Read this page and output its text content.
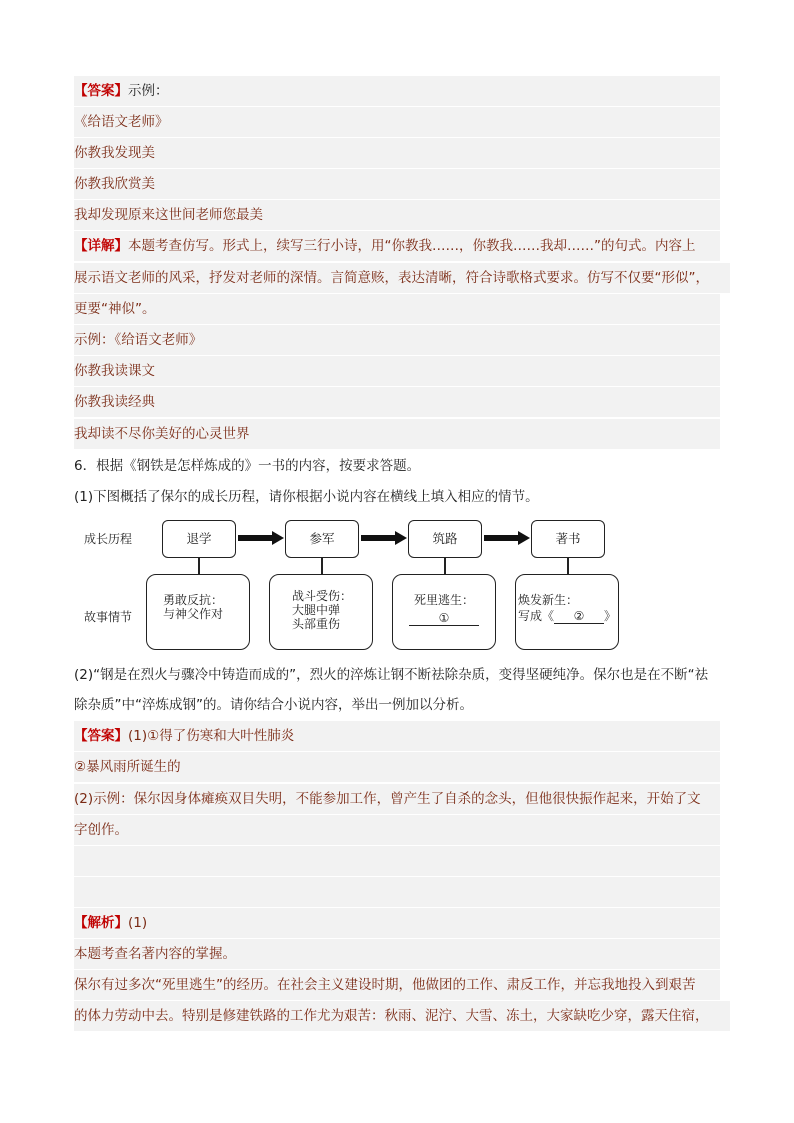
【答案】示例：
《给语文老师》
你教我发现美
你教我欣赏美
我却发现原来这世间老师您最美
【详解】本题考查仿写。形式上，续写三行小诗，用“你教我……，你教我……我却……”的句式。内容上
展示语文老师的风采，抒发对老师的深情。言简意赅，表达清晰，符合诗歌格式要求。仿写不仅要“形似”，
更要“神似”。
示例：《给语文老师》
你教我读课文
你教我读经典
我却读不尽你美好的心灵世界
6．根据《钢铁是怎样炼成的》一书的内容，按要求答题。
(1)下图概括了保尔的成长历程，请你根据小说内容在横线上填入相应的情节。
成长历程
故事情节
退学	参军	筑路	著书
勇敢反抗：
与神父作对
战斗受伤：
大腿中弹
头部重伤
死里逃生：
①
焕发新生：
写成《 ② 》
(2)“钢是在烈火与骤冷中铸造而成的”，烈火的淬炼让钢不断祛除杂质，变得坚硬纯净。保尔也是在不断“祛
除杂质”中“淬炼成钢”的。请你结合小说内容，举出一例加以分析。
【答案】(1)①得了伤寒和大叶性肺炎
②暴风雨所诞生的
(2)示例：保尔因身体瘫痪双目失明，不能参加工作，曾产生了自杀的念头，但他很快振作起来，开始了文
字创作。
【解析】(1)
本题考查名著内容的掌握。
保尔有过多次“死里逃生”的经历。在社会主义建设时期，他做团的工作、肃反工作，并忘我地投入到艰苦
的体力劳动中去。特别是修建铁路的工作尤为艰苦：秋雨、泥泞、大雪、冻土，大家缺吃少穿，露天住宿，
